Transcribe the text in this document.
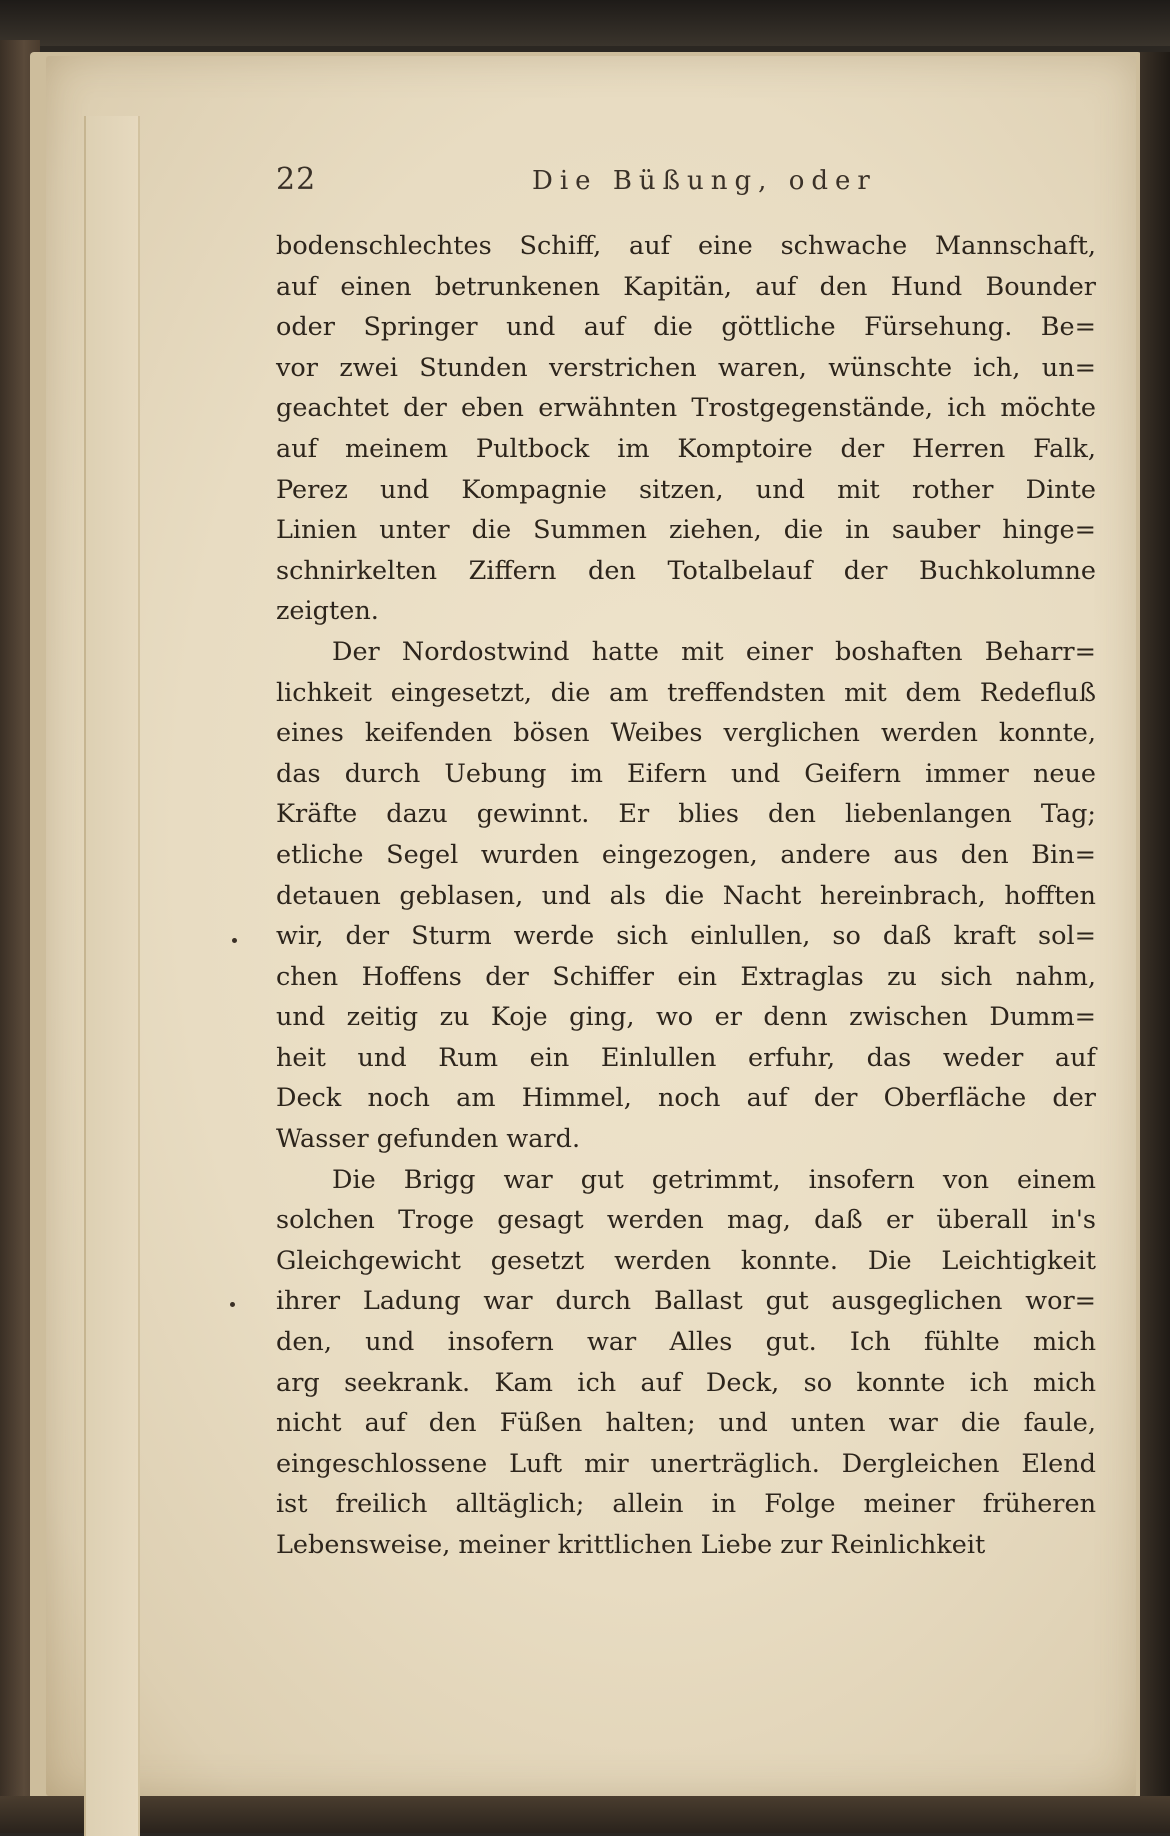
22	Die Büßung, oder
bodenschlechtes Schiff, auf eine schwache Mannschaft,
auf einen betrunkenen Kapitän, auf den Hund Bounder
oder Springer und auf die göttliche Fürsehung. Be=
vor zwei Stunden verstrichen waren, wünschte ich, un=
geachtet der eben erwähnten Trostgegenstände, ich möchte
auf meinem Pultbock im Komptoire der Herren Falk,
Perez und Kompagnie sitzen, und mit rother Dinte
Linien unter die Summen ziehen, die in sauber hinge=
schnirkelten Ziffern den Totalbelauf der Buchkolumne
zeigten.
Der Nordostwind hatte mit einer boshaften Beharr=
lichkeit eingesetzt, die am treffendsten mit dem Redefluß
eines keifenden bösen Weibes verglichen werden konnte,
das durch Uebung im Eifern und Geifern immer neue
Kräfte dazu gewinnt. Er blies den liebenlangen Tag;
etliche Segel wurden eingezogen, andere aus den Bin=
detauen geblasen, und als die Nacht hereinbrach, hofften
wir, der Sturm werde sich einlullen, so daß kraft sol=
chen Hoffens der Schiffer ein Extraglas zu sich nahm,
und zeitig zu Koje ging, wo er denn zwischen Dumm=
heit und Rum ein Einlullen erfuhr, das weder auf
Deck noch am Himmel, noch auf der Oberfläche der
Wasser gefunden ward.
Die Brigg war gut getrimmt, insofern von einem
solchen Troge gesagt werden mag, daß er überall in's
Gleichgewicht gesetzt werden konnte. Die Leichtigkeit
ihrer Ladung war durch Ballast gut ausgeglichen wor=
den, und insofern war Alles gut. Ich fühlte mich
arg seekrank. Kam ich auf Deck, so konnte ich mich
nicht auf den Füßen halten; und unten war die faule,
eingeschlossene Luft mir unerträglich. Dergleichen Elend
ist freilich alltäglich; allein in Folge meiner früheren
Lebensweise, meiner krittlichen Liebe zur Reinlichkeit
